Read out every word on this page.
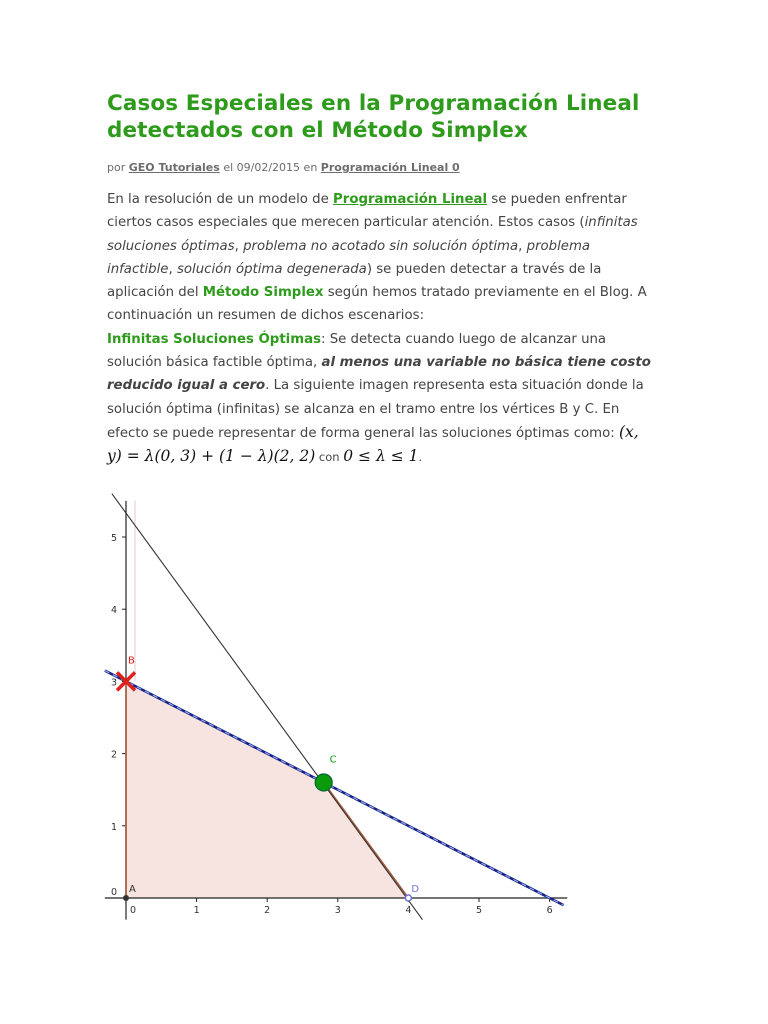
Casos Especiales en la Programación Lineal detectados con el Método Simplex
por GEO Tutoriales el 09/02/2015 en Programación Lineal 0

En la resolución de un modelo de Programación Lineal se pueden enfrentar ciertos casos especiales que merecen particular atención. Estos casos (infinitas soluciones óptimas, problema no acotado sin solución óptima, problema infactible, solución óptima degenerada) se pueden detectar a través de la aplicación del Método Simplex según hemos tratado previamente en el Blog. A continuación un resumen de dichos escenarios:

Infinitas Soluciones Óptimas: Se detecta cuando luego de alcanzar una solución básica factible óptima, al menos una variable no básica tiene costo reducido igual a cero. La siguiente imagen representa esta situación donde la solución óptima (infinitas) se alcanza en el tramo entre los vértices B y C. En efecto se puede representar de forma general las soluciones óptimas como: (x, y) = λ(0, 3) + (1 − λ)(2, 2) con 0 ≤ λ ≤ 1.

0	1	2	3	4	5	6
0
1
2
3
4
5
A
B
C
D
